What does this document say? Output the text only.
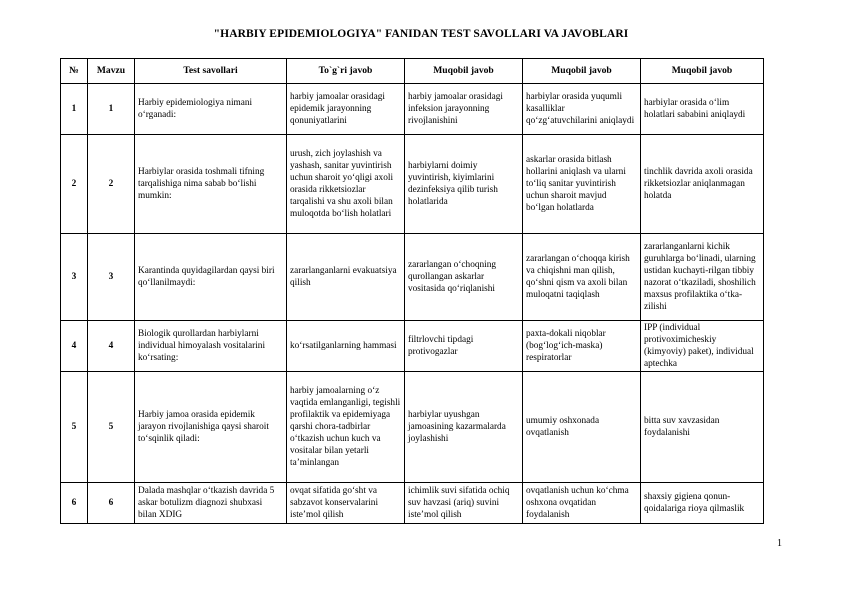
"HARBIY EPIDEMIOLOGIYA" FANIDAN TEST SAVOLLARI VA JAVOBLARI
№	Mavzu	Test savollari	To`g`ri javob	Muqobil javob	Muqobil javob	Muqobil javob
1	1	Harbiy epidemiologiya nimani o‘rganadi:	harbiy jamoalar orasidagi epidemik jarayonning qonuniyatlarini	harbiy jamoalar orasidagi infeksion jarayonning rivojlanishini	harbiylar orasida yuqumli kasalliklar qo‘zg‘atuvchilarini aniqlaydi	harbiylar orasida o‘lim holatlari sababini aniqlaydi
2	2	Harbiylar orasida toshmali tifning tarqalishiga nima sabab bo‘lishi mumkin:	urush, zich joylashish va yashash, sanitar yuvintirish uchun sharoit yo‘qligi axoli orasida rikketsiozlar tarqalishi va shu axoli bilan muloqotda bo‘lish holatlari	harbiylarni doimiy yuvintirish, kiyimlarini dezinfeksiya qilib turish holatlarida	askarlar orasida bitlash hollarini aniqlash va ularni to‘liq sanitar yuvintirish uchun sharoit mavjud bo‘lgan holatlarda	tinchlik davrida axoli orasida rikketsiozlar aniqlanmagan holatda
3	3	Karantinda quyidagilardan qaysi biri qo‘llanilmaydi:	zararlanganlarni evakuatsiya qilish	zararlangan o‘choqning qurollangan askarlar vositasida qo‘riqlanishi	zararlangan o‘choqqa kirish va chiqishni man qilish, qo‘shni qism va axoli bilan muloqatni taqiqlash	zararlanganlarni kichik guruhlarga bo‘linadi, ularning ustidan kuchayti-rilgan tibbiy nazorat o‘tkaziladi, shoshilich maxsus profilaktika o‘tka-zilishi
4	4	Biologik qurollardan harbiylarni individual himoyalash vositalarini ko‘rsating:	ko‘rsatilganlarning hammasi	filtrlovchi tipdagi protivogazlar	paxta-dokali niqoblar (bog‘log‘ich-maska) respiratorlar	IPP (individual protivoximicheskiy (kimyoviy) paket), individual aptechka
5	5	Harbiy jamoa orasida epidemik jarayon rivojlanishiga qaysi sharoit to‘sqinlik qiladi:	harbiy jamoalarning o‘z vaqtida emlanganligi, tegishli profilaktik va epidemiyaga qarshi chora-tadbirlar o‘tkazish uchun kuch va vositalar bilan yetarli ta’minlangan	harbiylar uyushgan jamoasining kazarmalarda joylashishi	umumiy oshxonada ovqatlanish	bitta suv xavzasidan foydalanishi
6	6	Dalada mashqlar o‘tkazish davrida 5 askar botulizm diagnozi shubxasi bilan XDIG	ovqat sifatida go‘sht va sabzavot konservalarini iste’mol qilish	ichimlik suvi sifatida ochiq suv havzasi (ariq) suvini iste’mol qilish	ovqatlanish uchun ko‘chma oshxona ovqatidan foydalanish	shaxsiy gigiena qonun-qoidalariga rioya qilmaslik
1
